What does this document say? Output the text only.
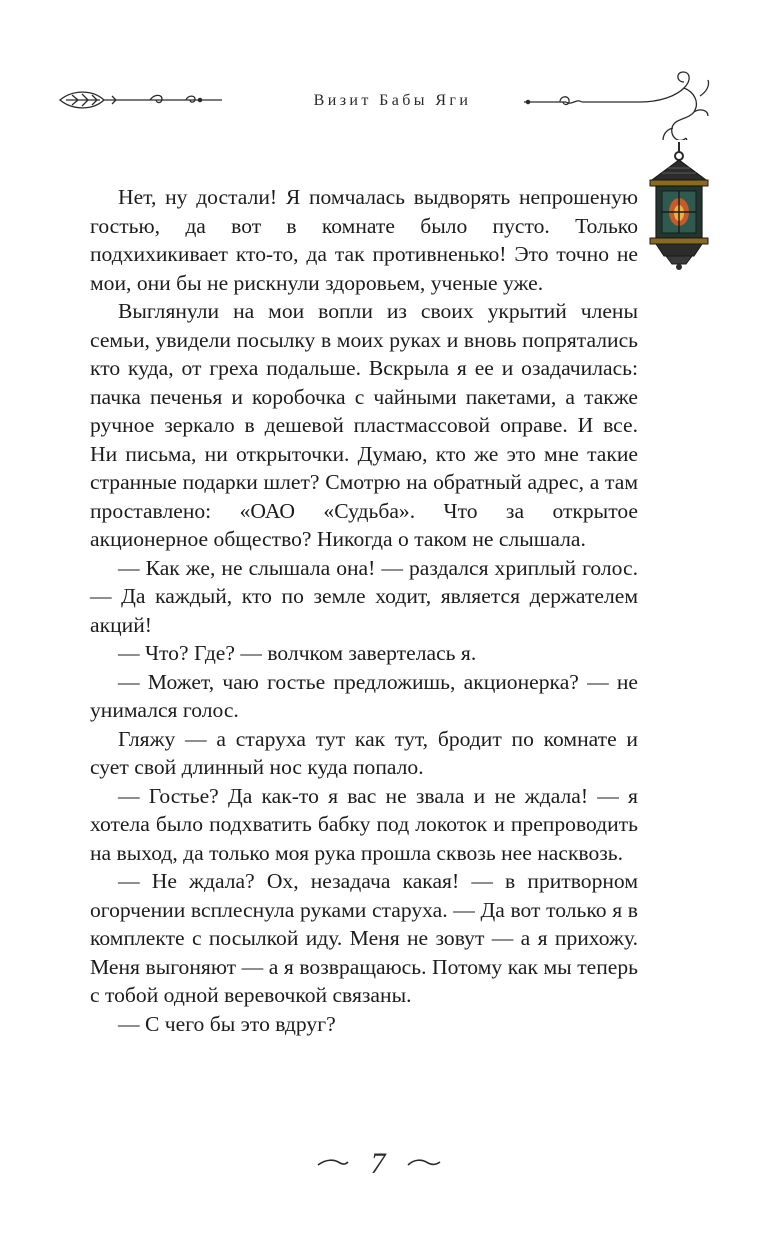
Визит Бабы Яги

Нет, ну достали! Я помчалась выдворять непрошеную гостью, да вот в комнате было пусто. Только подхихикивает кто-то, да так противненько! Это точно не мои, они бы не рискнули здоровьем, ученые уже.

Выглянули на мои вопли из своих укрытий члены семьи, увидели посылку в моих руках и вновь попрятались кто куда, от греха подальше. Вскрыла я ее и озадачилась: пачка печенья и коробочка с чайными пакетами, а также ручное зеркало в дешевой пластмассовой оправе. И все. Ни письма, ни открыточки. Думаю, кто же это мне такие странные подарки шлет? Смотрю на обратный адрес, а там проставлено: «ОАО «Судьба». Что за открытое акционерное общество? Никогда о таком не слышала.

— Как же, не слышала она! — раздался хриплый голос. — Да каждый, кто по земле ходит, является держателем акций!

— Что? Где? — волчком завертелась я.

— Может, чаю гостье предложишь, акционерка? — не унимался голос.

Гляжу — а старуха тут как тут, бродит по комнате и сует свой длинный нос куда попало.

— Гостье? Да как-то я вас не звала и не ждала! — я хотела было подхватить бабку под локоток и препроводить на выход, да только моя рука прошла сквозь нее насквозь.

— Не ждала? Ох, незадача какая! — в притворном огорчении всплеснула руками старуха. — Да вот только я в комплекте с посылкой иду. Меня не зовут — а я прихожу. Меня выгоняют — а я возвращаюсь. Потому как мы теперь с тобой одной веревочкой связаны.

— С чего бы это вдруг?

7
